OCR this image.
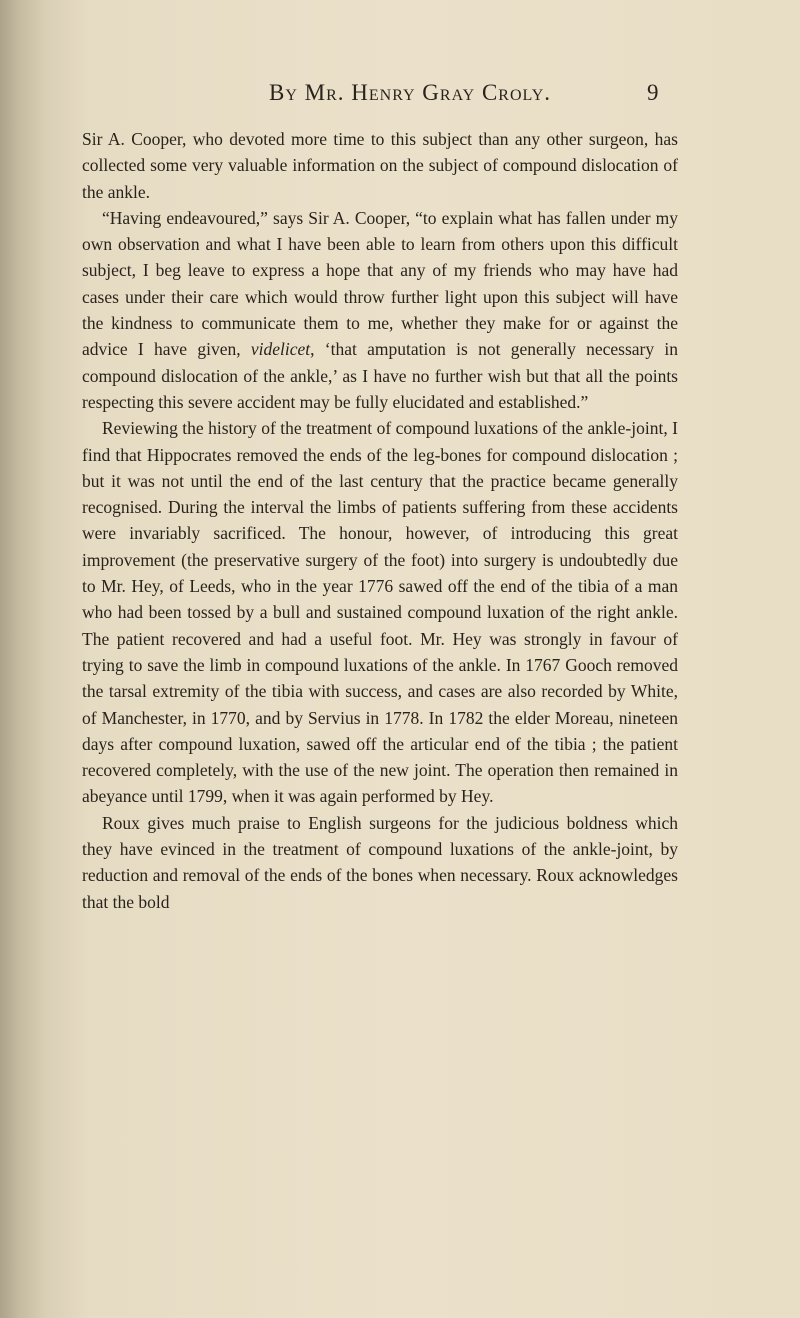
By Mr. Henry Gray Croly.	9

Sir A. Cooper, who devoted more time to this subject than any other surgeon, has collected some very valuable information on the subject of compound dislocation of the ankle.

“Having endeavoured,” says Sir A. Cooper, “to explain what has fallen under my own observation and what I have been able to learn from others upon this difficult subject, I beg leave to express a hope that any of my friends who may have had cases under their care which would throw further light upon this subject will have the kindness to communicate them to me, whether they make for or against the advice I have given, videlicet, ‘that amputation is not generally necessary in compound dislocation of the ankle,’ as I have no further wish but that all the points respecting this severe accident may be fully elucidated and established.”

Reviewing the history of the treatment of compound luxations of the ankle-joint, I find that Hippocrates removed the ends of the leg-bones for compound dislocation ; but it was not until the end of the last century that the practice became generally recognised. During the interval the limbs of patients suffering from these accidents were invariably sacrificed. The honour, however, of introducing this great improvement (the preservative surgery of the foot) into surgery is undoubtedly due to Mr. Hey, of Leeds, who in the year 1776 sawed off the end of the tibia of a man who had been tossed by a bull and sustained compound luxation of the right ankle. The patient recovered and had a useful foot. Mr. Hey was strongly in favour of trying to save the limb in compound luxations of the ankle. In 1767 Gooch removed the tarsal extremity of the tibia with success, and cases are also recorded by White, of Manchester, in 1770, and by Servius in 1778. In 1782 the elder Moreau, nineteen days after compound luxation, sawed off the articular end of the tibia ; the patient recovered completely, with the use of the new joint. The operation then remained in abeyance until 1799, when it was again performed by Hey.

Roux gives much praise to English surgeons for the judicious boldness which they have evinced in the treatment of compound luxations of the ankle-joint, by reduction and removal of the ends of the bones when necessary. Roux acknowledges that the bold
